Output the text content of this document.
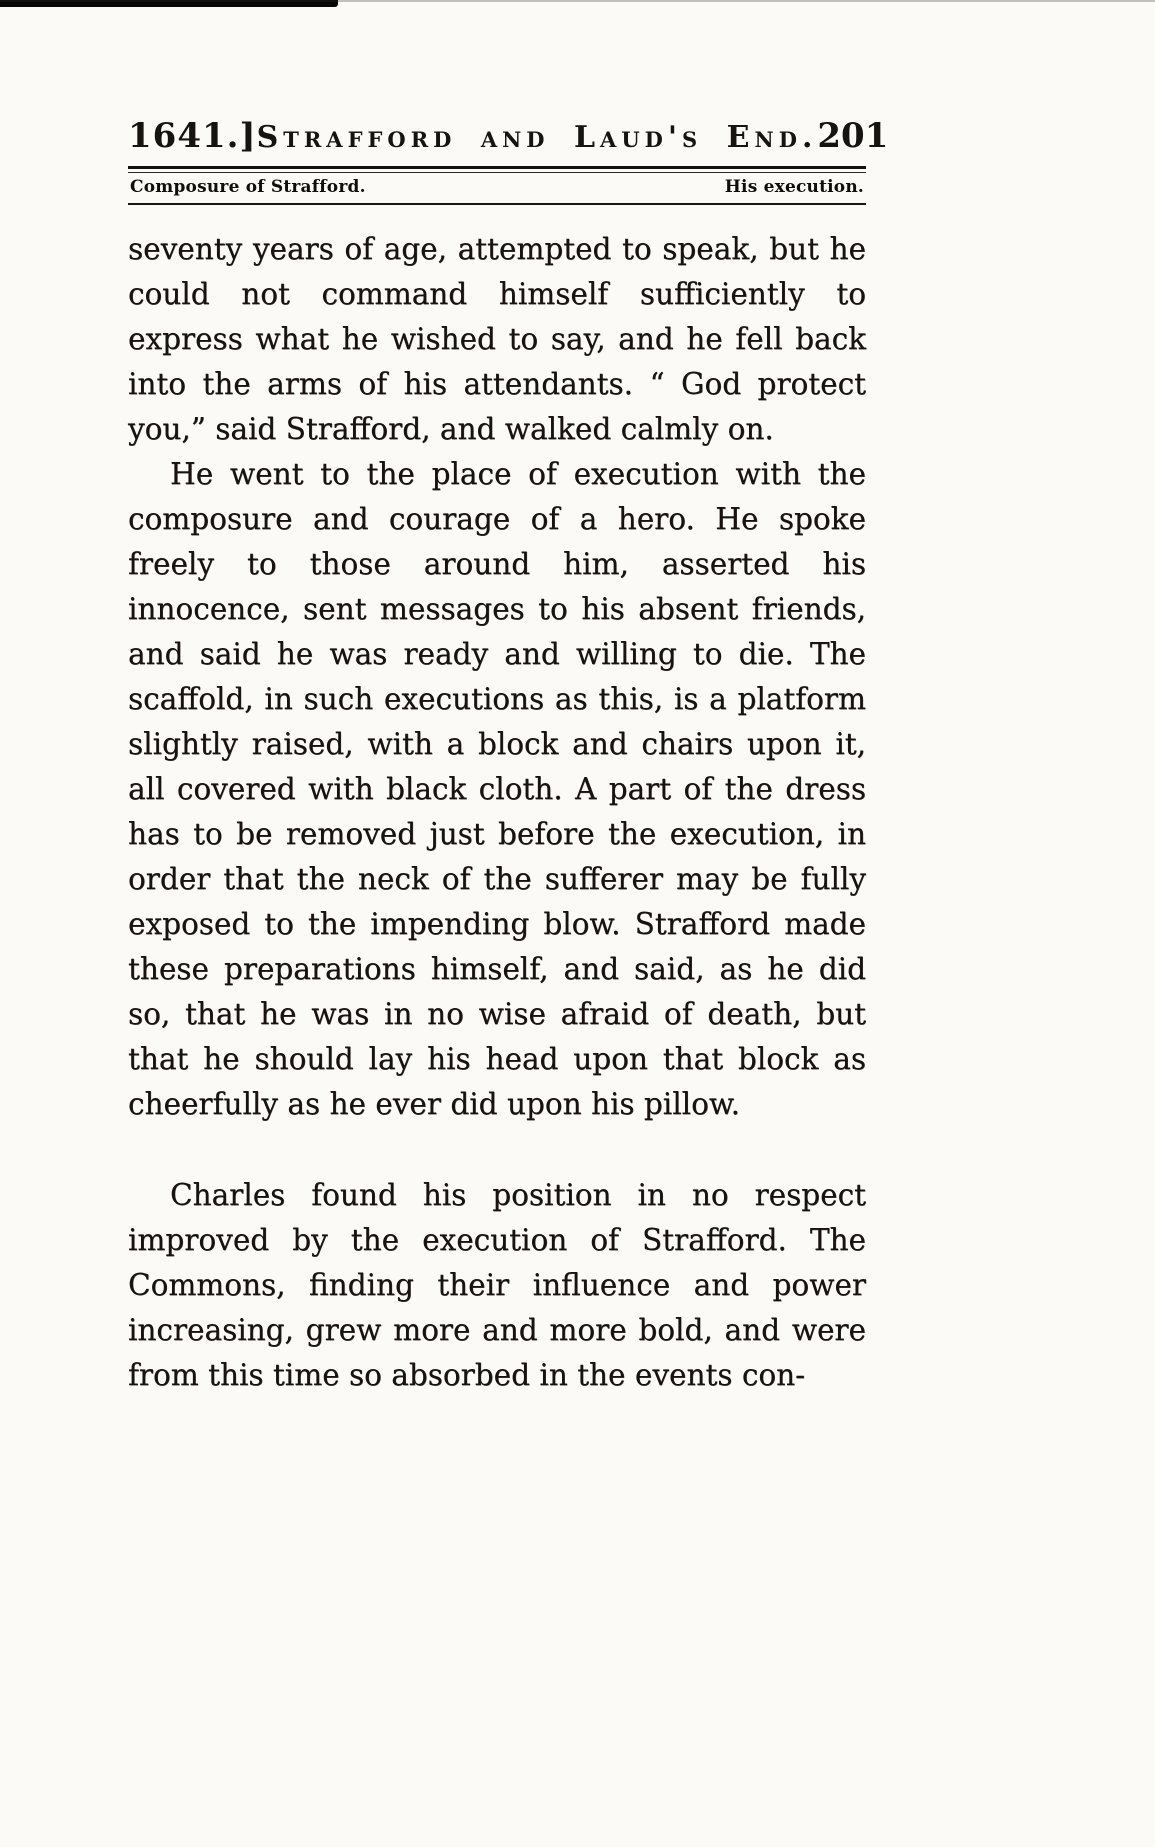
1641.] Strafford and Laud's End. 201
Composure of Strafford.	His execution.

seventy years of age, attempted to speak, but he could not command himself sufficiently to express what he wished to say, and he fell back into the arms of his attendants. “ God protect you,” said Strafford, and walked calmly on.

He went to the place of execution with the composure and courage of a hero. He spoke freely to those around him, asserted his innocence, sent messages to his absent friends, and said he was ready and willing to die. The scaffold, in such executions as this, is a platform slightly raised, with a block and chairs upon it, all covered with black cloth. A part of the dress has to be removed just before the execution, in order that the neck of the sufferer may be fully exposed to the impending blow. Strafford made these preparations himself, and said, as he did so, that he was in no wise afraid of death, but that he should lay his head upon that block as cheerfully as he ever did upon his pillow.

Charles found his position in no respect improved by the execution of Strafford. The Commons, finding their influence and power increasing, grew more and more bold, and were from this time so absorbed in the events con-
